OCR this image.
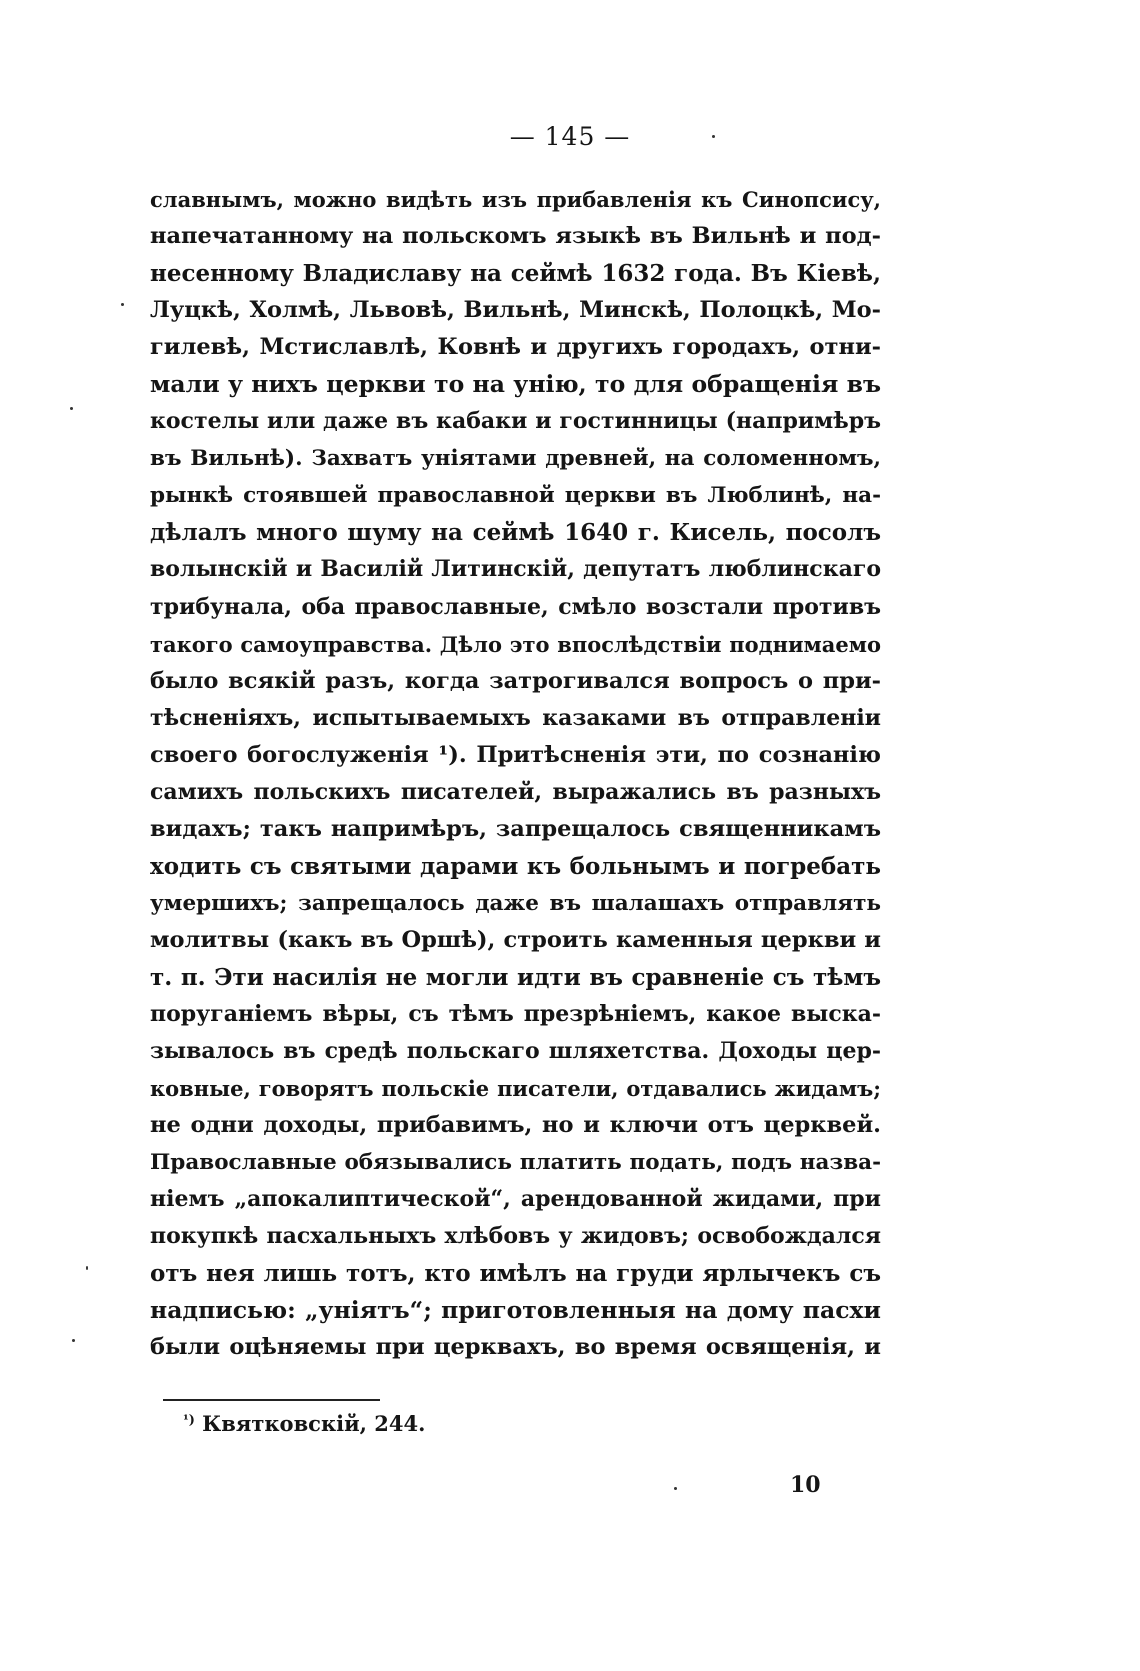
— 145 —
славнымъ, можно видѣть изъ прибавленія къ Синопсису,
напечатанному на польскомъ языкѣ въ Вильнѣ и под-
несенному Владиславу на сеймѣ 1632 года. Въ Кіевѣ,
Луцкѣ, Холмѣ, Львовѣ, Вильнѣ, Минскѣ, Полоцкѣ, Мо-
гилевѣ, Мстиславлѣ, Ковнѣ и другихъ городахъ, отни-
мали у нихъ церкви то на унію, то для обращенія въ
костелы или даже въ кабаки и гостинницы (напримѣръ
въ Вильнѣ). Захватъ уніятами древней, на соломенномъ,
рынкѣ стоявшей православной церкви въ Люблинѣ, на-
дѣлалъ много шуму на сеймѣ 1640 г. Кисель, посолъ
волынскій и Василій Литинскій, депутатъ люблинскаго
трибунала, оба православные, смѣло возстали противъ
такого самоуправства. Дѣло это впослѣдствіи поднимаемо
было всякій разъ, когда затрогивался вопросъ о при-
тѣсненіяхъ, испытываемыхъ казаками въ отправленіи
своего богослуженія ¹). Притѣсненія эти, по сознанію
самихъ польскихъ писателей, выражались въ разныхъ
видахъ; такъ напримѣръ, запрещалось священникамъ
ходить съ святыми дарами къ больнымъ и погребать
умершихъ; запрещалось даже въ шалашахъ отправлять
молитвы (какъ въ Оршѣ), строить каменныя церкви и
т. п. Эти насилія не могли идти въ сравненіе съ тѣмъ
поруганіемъ вѣры, съ тѣмъ презрѣніемъ, какое выска-
зывалось въ средѣ польскаго шляхетства. Доходы цер-
ковные, говорятъ польскіе писатели, отдавались жидамъ;
не одни доходы, прибавимъ, но и ключи отъ церквей.
Православные обязывались платить подать, подъ назва-
ніемъ „апокалиптической“, арендованной жидами, при
покупкѣ пасхальныхъ хлѣбовъ у жидовъ; освобождался
отъ нея лишь тотъ, кто имѣлъ на груди ярлычекъ съ
надписью: „уніятъ“; приготовленныя на дому пасхи
были оцѣняемы при церквахъ, во время освященія, и
$^{^1)}$ Квятковскій, 244.
10
